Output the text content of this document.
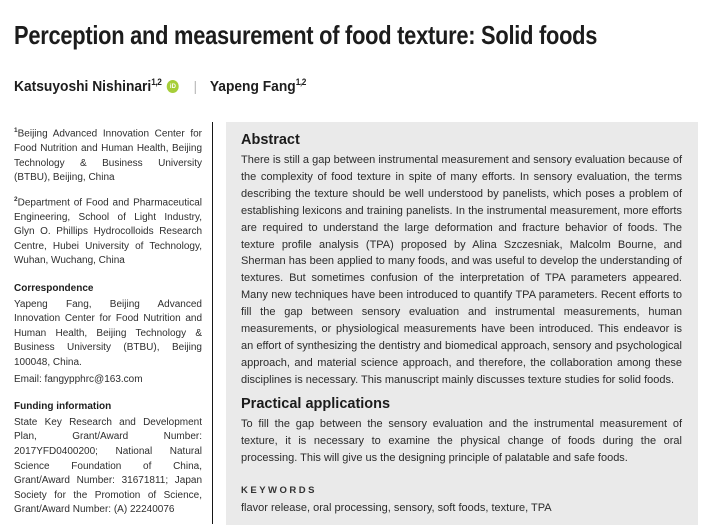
Perception and measurement of food texture: Solid foods
Katsuyoshi Nishinari$^{1,2}$	iD | Yapeng Fang$^{1,2}$

$^1$Beijing Advanced Innovation Center for Food Nutrition and Human Health, Beijing Technology & Business University (BTBU), Beijing, China

$^2$Department of Food and Pharmaceutical Engineering, School of Light Industry, Glyn O. Phillips Hydrocolloids Research Centre, Hubei University of Technology, Wuhan, Wuchang, China

Correspondence

Yapeng Fang, Beijing Advanced Innovation Center for Food Nutrition and Human Health, Beijing Technology & Business University (BTBU), Beijing 100048, China.

Email: fangypphrc@163.com

Funding information

State Key Research and Development Plan, Grant/Award Number: 2017YFD0400200; National Natural Science Foundation of China, Grant/Award Number: 31671811; Japan Society for the Promotion of Science, Grant/Award Number: (A) 22240076

Abstract

There is still a gap between instrumental measurement and sensory evaluation because of the complexity of food texture in spite of many efforts. In sensory evaluation, the terms describing the texture should be well understood by panelists, which poses a problem of establishing lexicons and training panelists. In the instrumental measurement, more efforts are required to understand the large deformation and fracture behavior of foods. The texture profile analysis (TPA) proposed by Alina Szczesniak, Malcolm Bourne, and Sherman has been applied to many foods, and was useful to develop the understanding of textures. But sometimes confusion of the interpretation of TPA parameters appeared. Many new techniques have been introduced to quantify TPA parameters. Recent efforts to fill the gap between sensory evaluation and instrumental measurements, human measurements, or physiological measurements have been introduced. This endeavor is an effort of synthesizing the dentistry and biomedical approach, sensory and psychological approach, and material science approach, and therefore, the collaboration among these disciplines is necessary. This manuscript mainly discusses texture studies for solid foods.

Practical applications

To fill the gap between the sensory evaluation and the instrumental measurement of texture, it is necessary to examine the physical change of foods during the oral processing. This will give us the designing principle of palatable and safe foods.

KEYWORDS

flavor release, oral processing, sensory, soft foods, texture, TPA
